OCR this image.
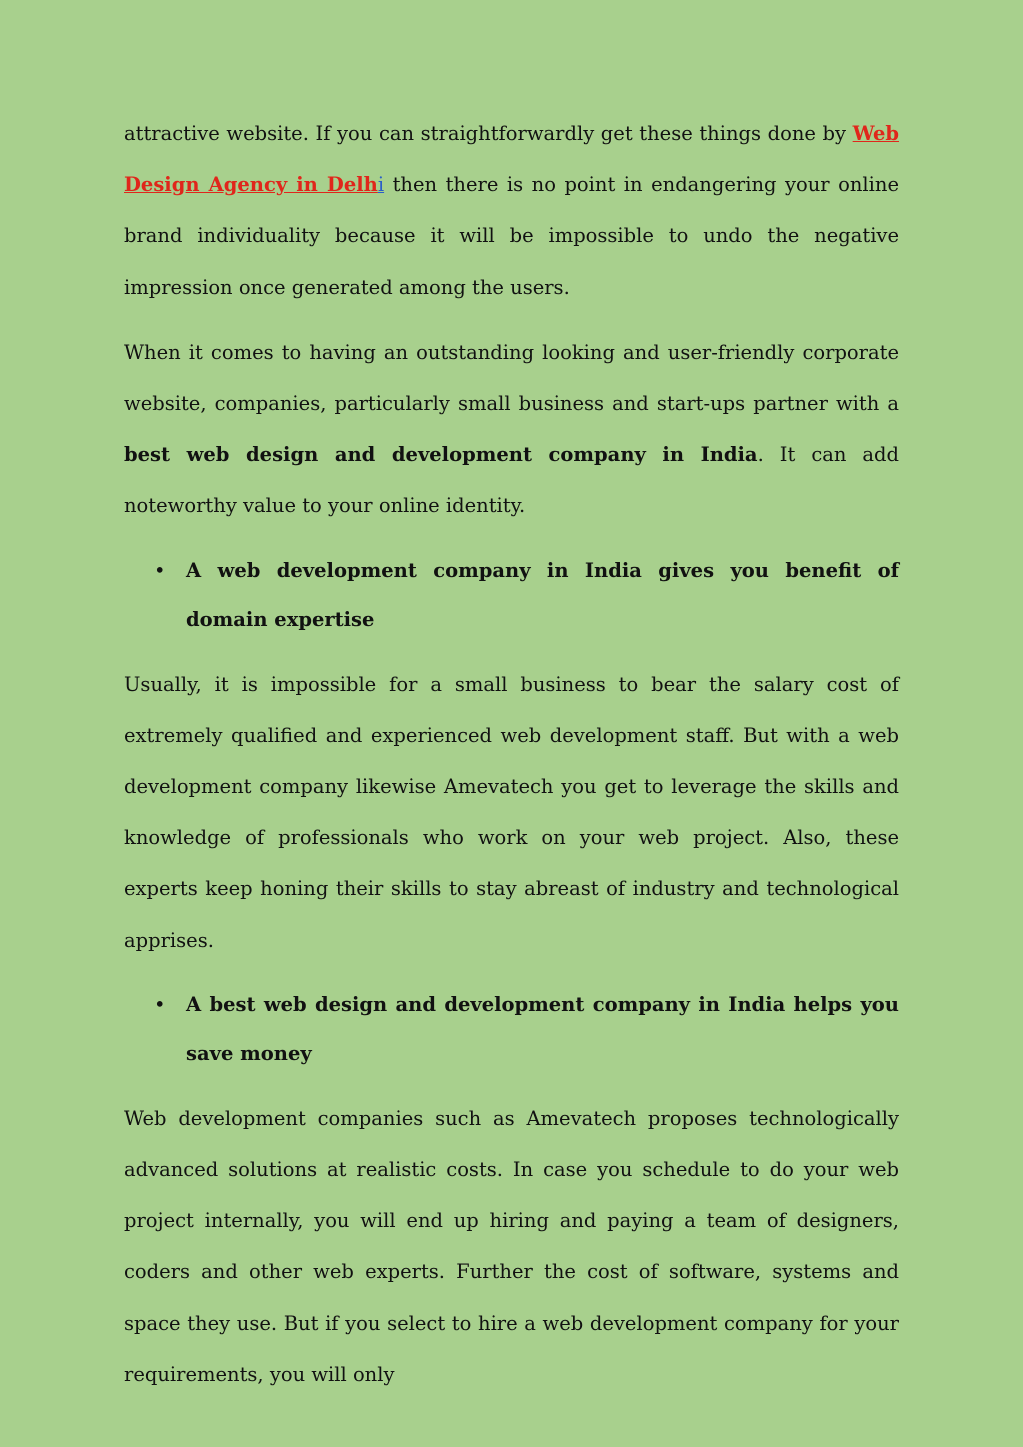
attractive website. If you can straightforwardly get these things done by Web Design Agency in Delhi then there is no point in endangering your online brand individuality because it will be impossible to undo the negative impression once generated among the users.

When it comes to having an outstanding looking and user-friendly corporate website, companies, particularly small business and start-ups partner with a best web design and development company in India. It can add noteworthy value to your online identity.

• A web development company in India gives you benefit of domain expertise

Usually, it is impossible for a small business to bear the salary cost of extremely qualified and experienced web development staff. But with a web development company likewise Amevatech you get to leverage the skills and knowledge of professionals who work on your web project. Also, these experts keep honing their skills to stay abreast of industry and technological apprises.

• A best web design and development company in India helps you save money

Web development companies such as Amevatech proposes technologically advanced solutions at realistic costs. In case you schedule to do your web project internally, you will end up hiring and paying a team of designers, coders and other web experts. Further the cost of software, systems and space they use. But if you select to hire a web development company for your requirements, you will only
